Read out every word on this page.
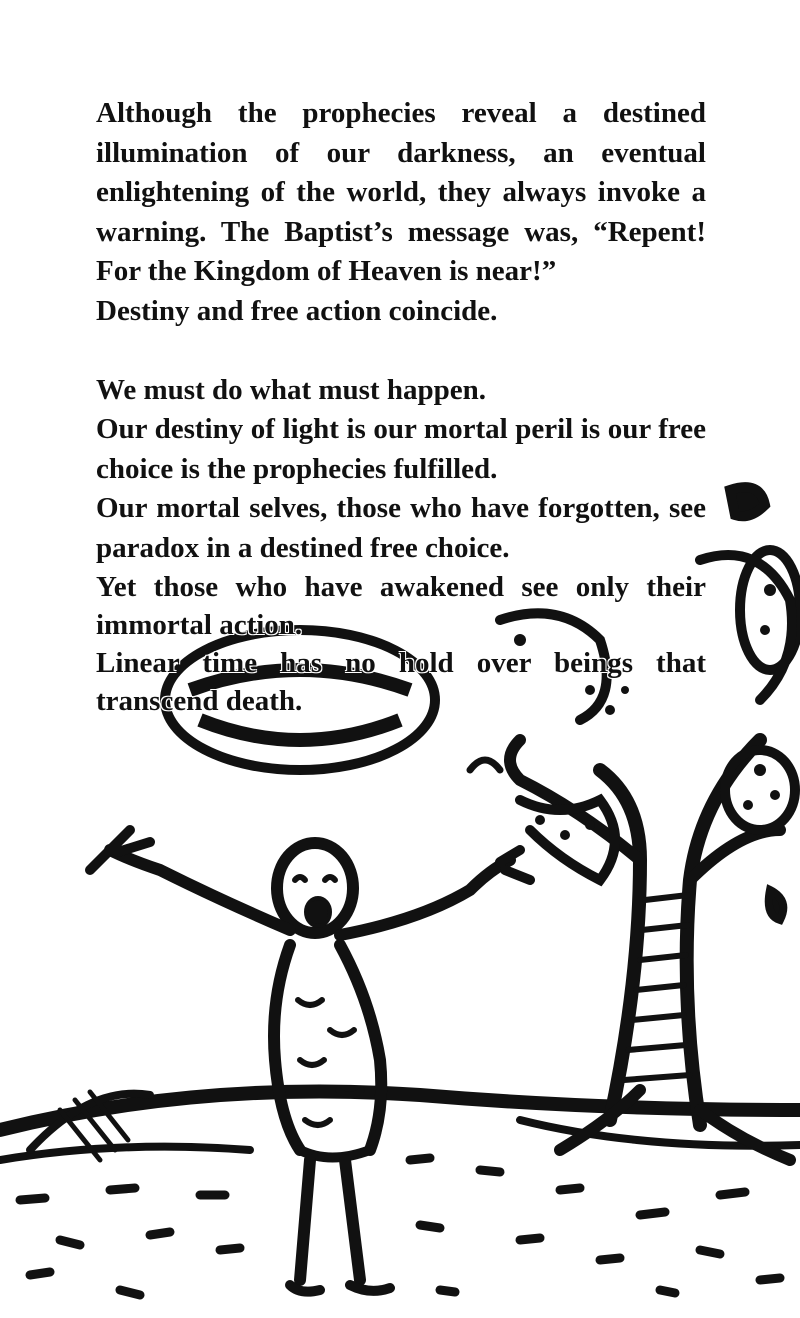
Although the prophecies reveal a destined illumination of our darkness, an eventual enlightening of the world, they always invoke a warning. The Baptist’s message was, “Repent! For the Kingdom of Heaven is near!”

Destiny and free action coincide.

We must do what must happen.

Our destiny of light is our mortal peril is our free choice is the prophecies fulfilled.

Our mortal selves, those who have forgotten, see paradox in a destined free choice.

Yet those who have awakened see only their immortal action.

Linear time has no hold over beings that transcend death.
